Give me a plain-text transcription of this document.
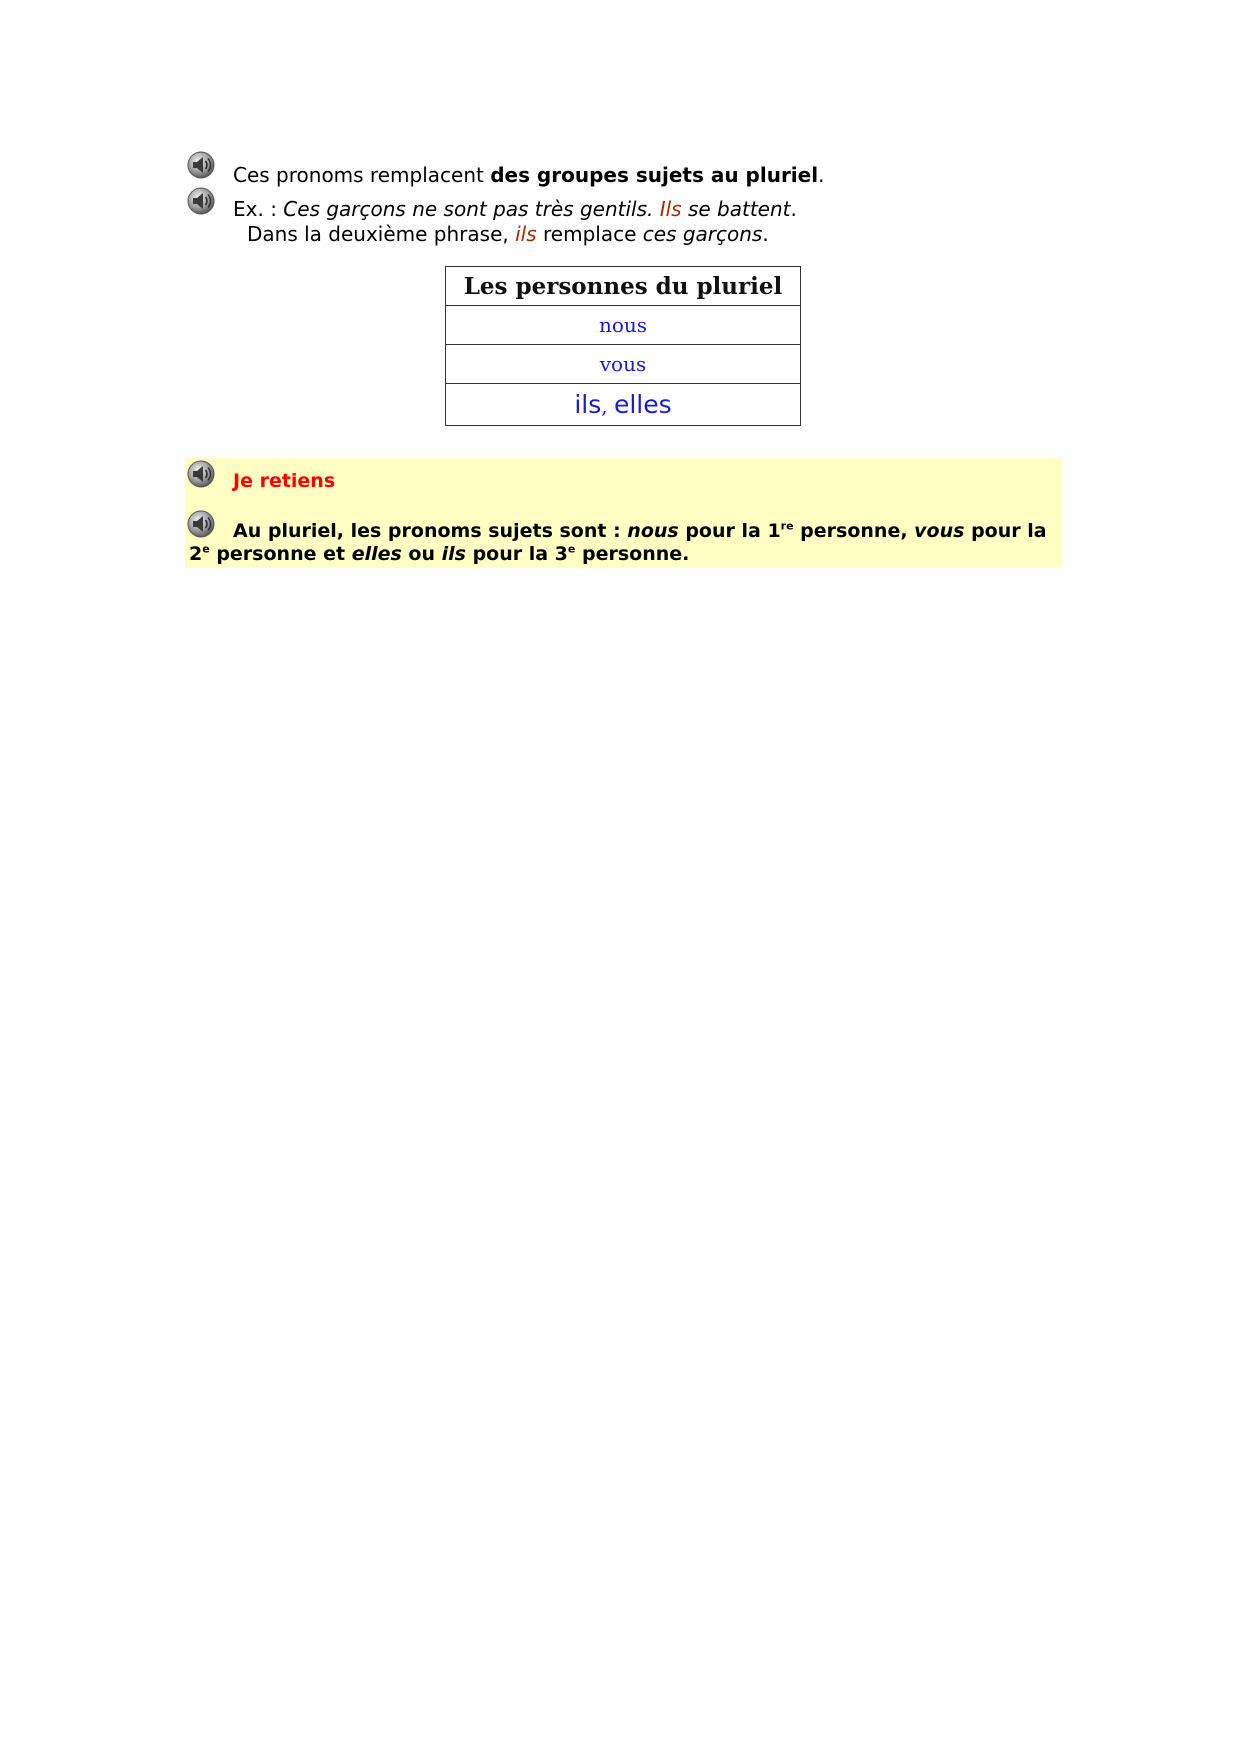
Ces pronoms remplacent des groupes sujets au pluriel.
Ex. : Ces garçons ne sont pas très gentils. Ils se battent.
Dans la deuxième phrase, ils remplace ces garçons.
Les personnes du pluriel
nous
vous
ils, elles
Je retiens
Au pluriel, les pronoms sujets sont : nous pour la 1re personne, vous pour la 2e personne et elles ou ils pour la 3e personne.
